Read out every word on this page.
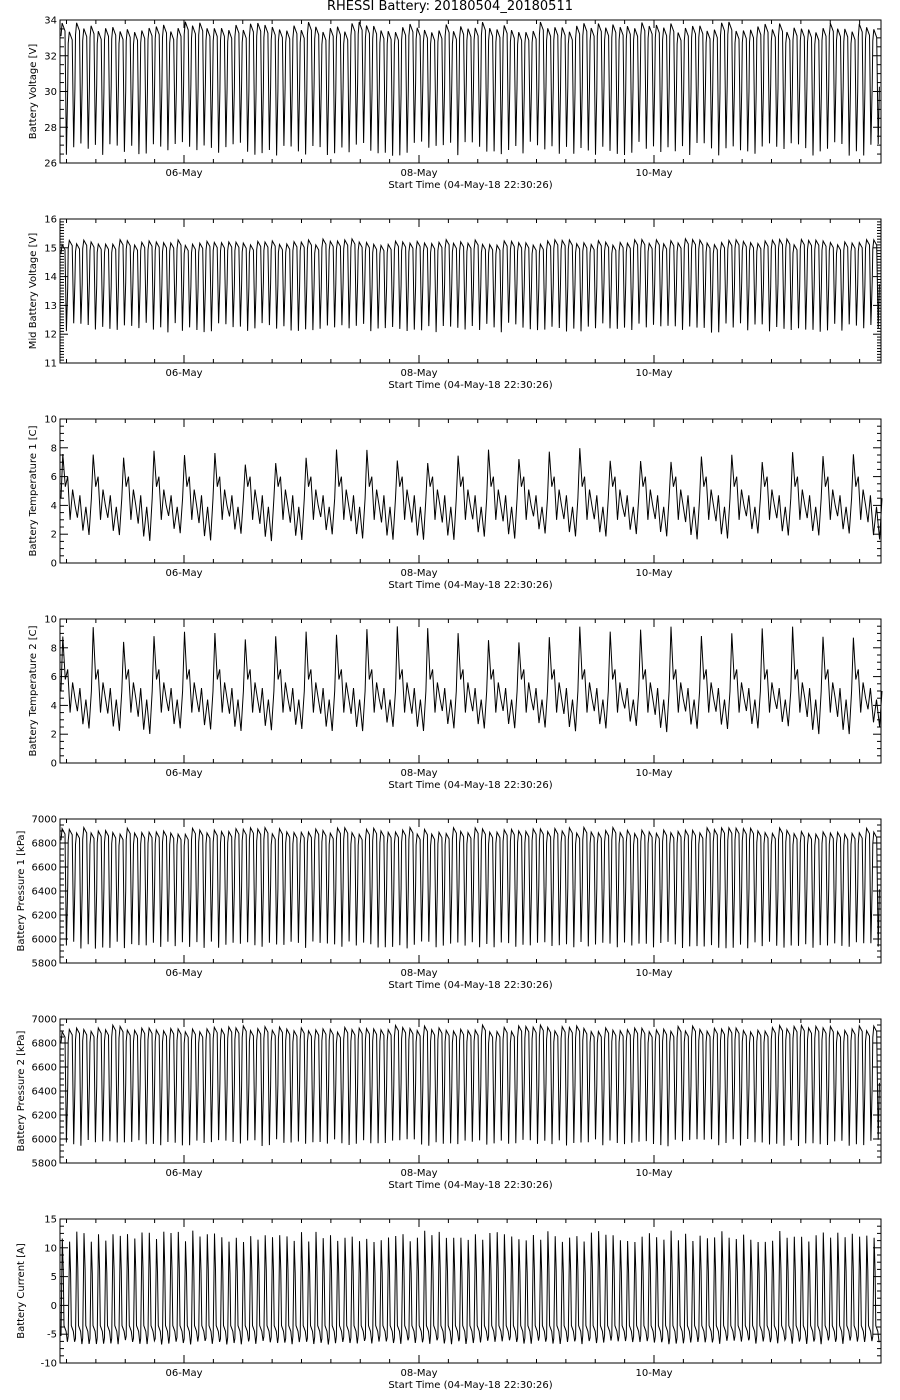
RHESSI Battery: 20180504_20180511
26
28
30
32
34
06-May	08-May	10-May
Start Time (04-May-18 22:30:26)
Battery Voltage [V]
11
12
13
14
15
16
06-May	08-May	10-May
Start Time (04-May-18 22:30:26)
Mid Battery Voltage [V]
0
2
4
6
8
10
06-May	08-May	10-May
Start Time (04-May-18 22:30:26)
Battery Temperature 1 [C]
0
2
4
6
8
10
06-May	08-May	10-May
Start Time (04-May-18 22:30:26)
Battery Temperature 2 [C]
5800
6000
6200
6400
6600
6800
7000
06-May	08-May	10-May
Start Time (04-May-18 22:30:26)
Battery Pressure 1 [kPa]
5800
6000
6200
6400
6600
6800
7000
06-May	08-May	10-May
Start Time (04-May-18 22:30:26)
Battery Pressure 2 [kPa]
-10
-5
0
5
10
15
06-May	08-May	10-May
Start Time (04-May-18 22:30:26)
Battery Current [A]
